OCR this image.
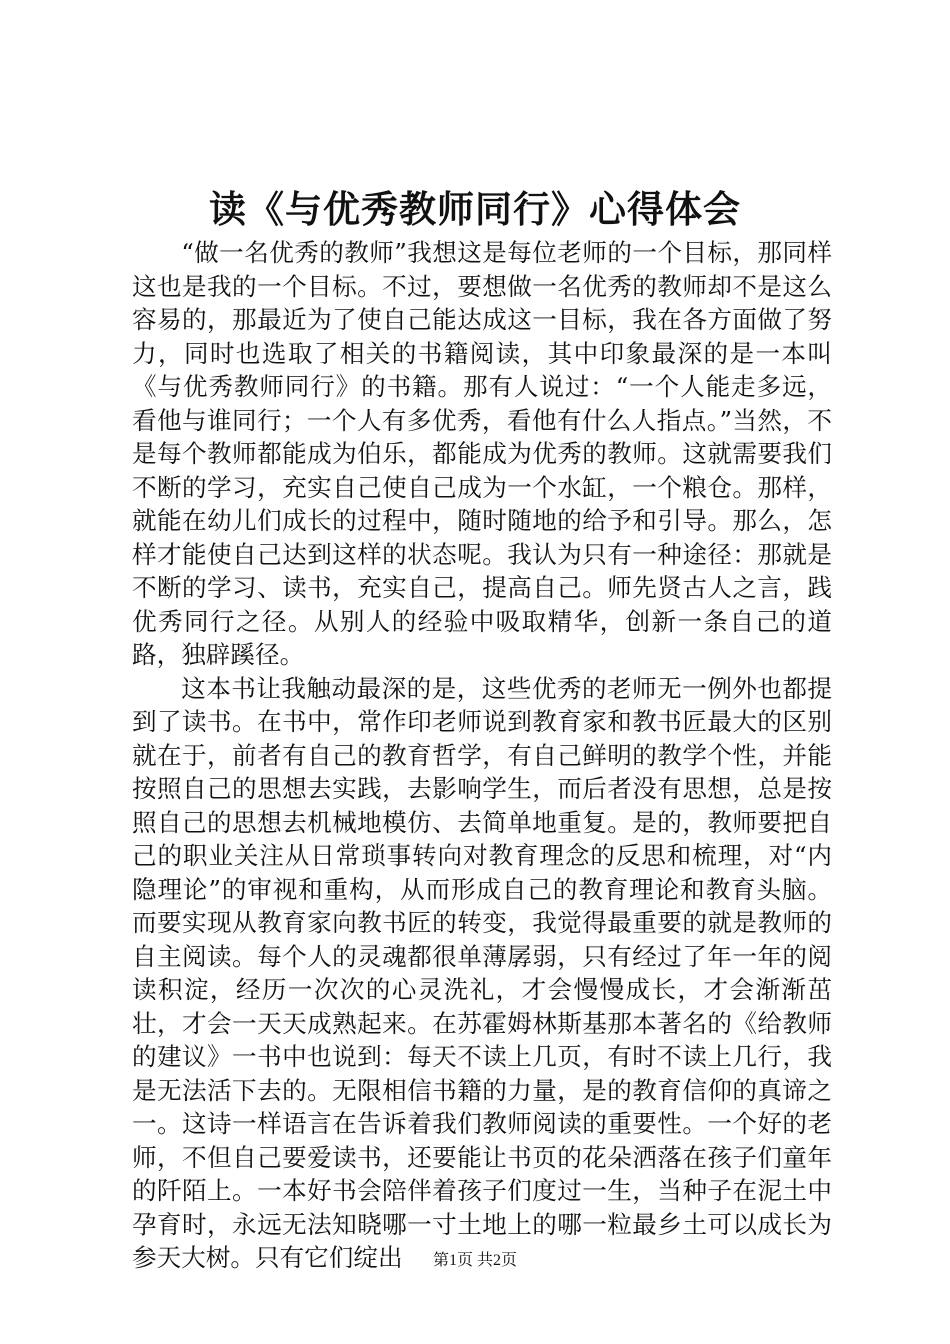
读《与优秀教师同行》心得体会

“做一名优秀的教师”我想这是每位老师的一个目标，那同样这也是我的一个目标。不过，要想做一名优秀的教师却不是这么容易的，那最近为了使自己能达成这一目标，我在各方面做了努力，同时也选取了相关的书籍阅读，其中印象最深的是一本叫《与优秀教师同行》的书籍。那有人说过：“一个人能走多远，看他与谁同行；一个人有多优秀，看他有什么人指点。”当然，不是每个教师都能成为伯乐，都能成为优秀的教师。这就需要我们不断的学习，充实自己使自己成为一个水缸，一个粮仓。那样，就能在幼儿们成长的过程中，随时随地的给予和引导。那么，怎样才能使自己达到这样的状态呢。我认为只有一种途径：那就是不断的学习、读书，充实自己，提高自己。师先贤古人之言，践优秀同行之径。从别人的经验中吸取精华，创新一条自己的道路，独辟蹊径。

这本书让我触动最深的是，这些优秀的老师无一例外也都提到了读书。在书中，常作印老师说到教育家和教书匠最大的区别就在于，前者有自己的教育哲学，有自己鲜明的教学个性，并能按照自己的思想去实践，去影响学生，而后者没有思想，总是按照自己的思想去机械地模仿、去简单地重复。是的，教师要把自己的职业关注从日常琐事转向对教育理念的反思和梳理，对“内隐理论”的审视和重构，从而形成自己的教育理论和教育头脑。而要实现从教育家向教书匠的转变，我觉得最重要的就是教师的自主阅读。每个人的灵魂都很单薄孱弱，只有经过了年一年的阅读积淀，经历一次次的心灵洗礼，才会慢慢成长，才会渐渐茁壮，才会一天天成熟起来。在苏霍姆林斯基那本著名的《给教师的建议》一书中也说到：每天不读上几页，有时不读上几行，我是无法活下去的。无限相信书籍的力量，是的教育信仰的真谛之一。这诗一样语言在告诉着我们教师阅读的重要性。一个好的老师，不但自己要爱读书，还要能让书页的花朵洒落在孩子们童年的阡陌上。一本好书会陪伴着孩子们度过一生，当种子在泥土中孕育时，永远无法知晓哪一寸土地上的哪一粒最乡土可以成长为参天大树。只有它们绽出	第1页 共2页
